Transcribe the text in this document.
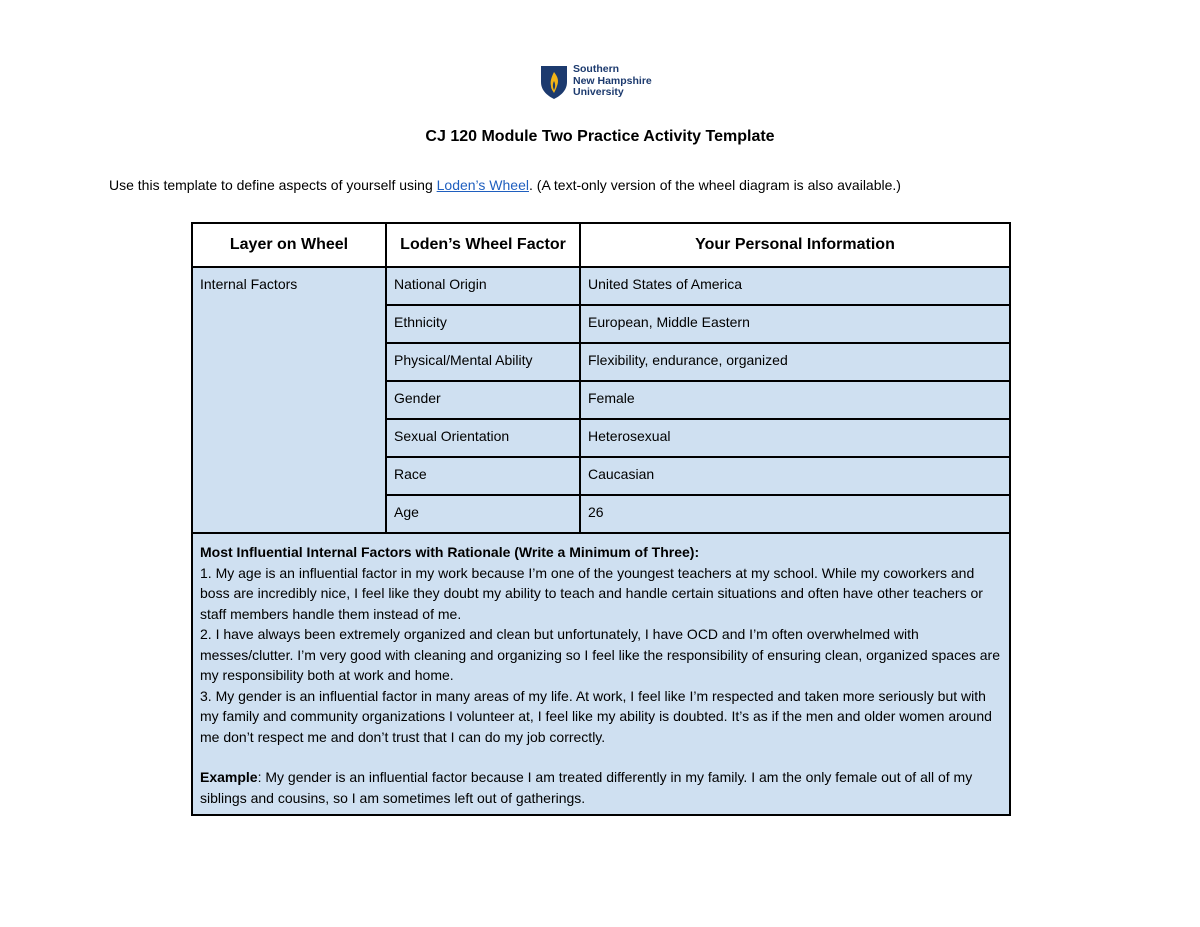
Southern
New Hampshire
University
CJ 120 Module Two Practice Activity Template
Use this template to define aspects of yourself using Loden’s Wheel. (A text-only version of the wheel diagram is also available.)
Layer on Wheel	Loden’s Wheel Factor	Your Personal Information
Internal Factors	National Origin	United States of America
	Ethnicity	European, Middle Eastern
	Physical/Mental Ability	Flexibility, endurance, organized
	Gender	Female
	Sexual Orientation	Heterosexual
	Race	Caucasian
	Age	26

Most Influential Internal Factors with Rationale (Write a Minimum of Three):

1. My age is an influential factor in my work because I’m one of the youngest teachers at my school. While my coworkers and boss are incredibly nice, I feel like they doubt my ability to teach and handle certain situations and often have other teachers or staff members handle them instead of me.

2. I have always been extremely organized and clean but unfortunately, I have OCD and I’m often overwhelmed with messes/clutter. I’m very good with cleaning and organizing so I feel like the responsibility of ensuring clean, organized spaces are my responsibility both at work and home.

3. My gender is an influential factor in many areas of my life. At work, I feel like I’m respected and taken more seriously but with my family and community organizations I volunteer at, I feel like my ability is doubted. It’s as if the men and older women around me don’t respect me and don’t trust that I can do my job correctly.

Example: My gender is an influential factor because I am treated differently in my family. I am the only female out of all of my siblings and cousins, so I am sometimes left out of gatherings.		
